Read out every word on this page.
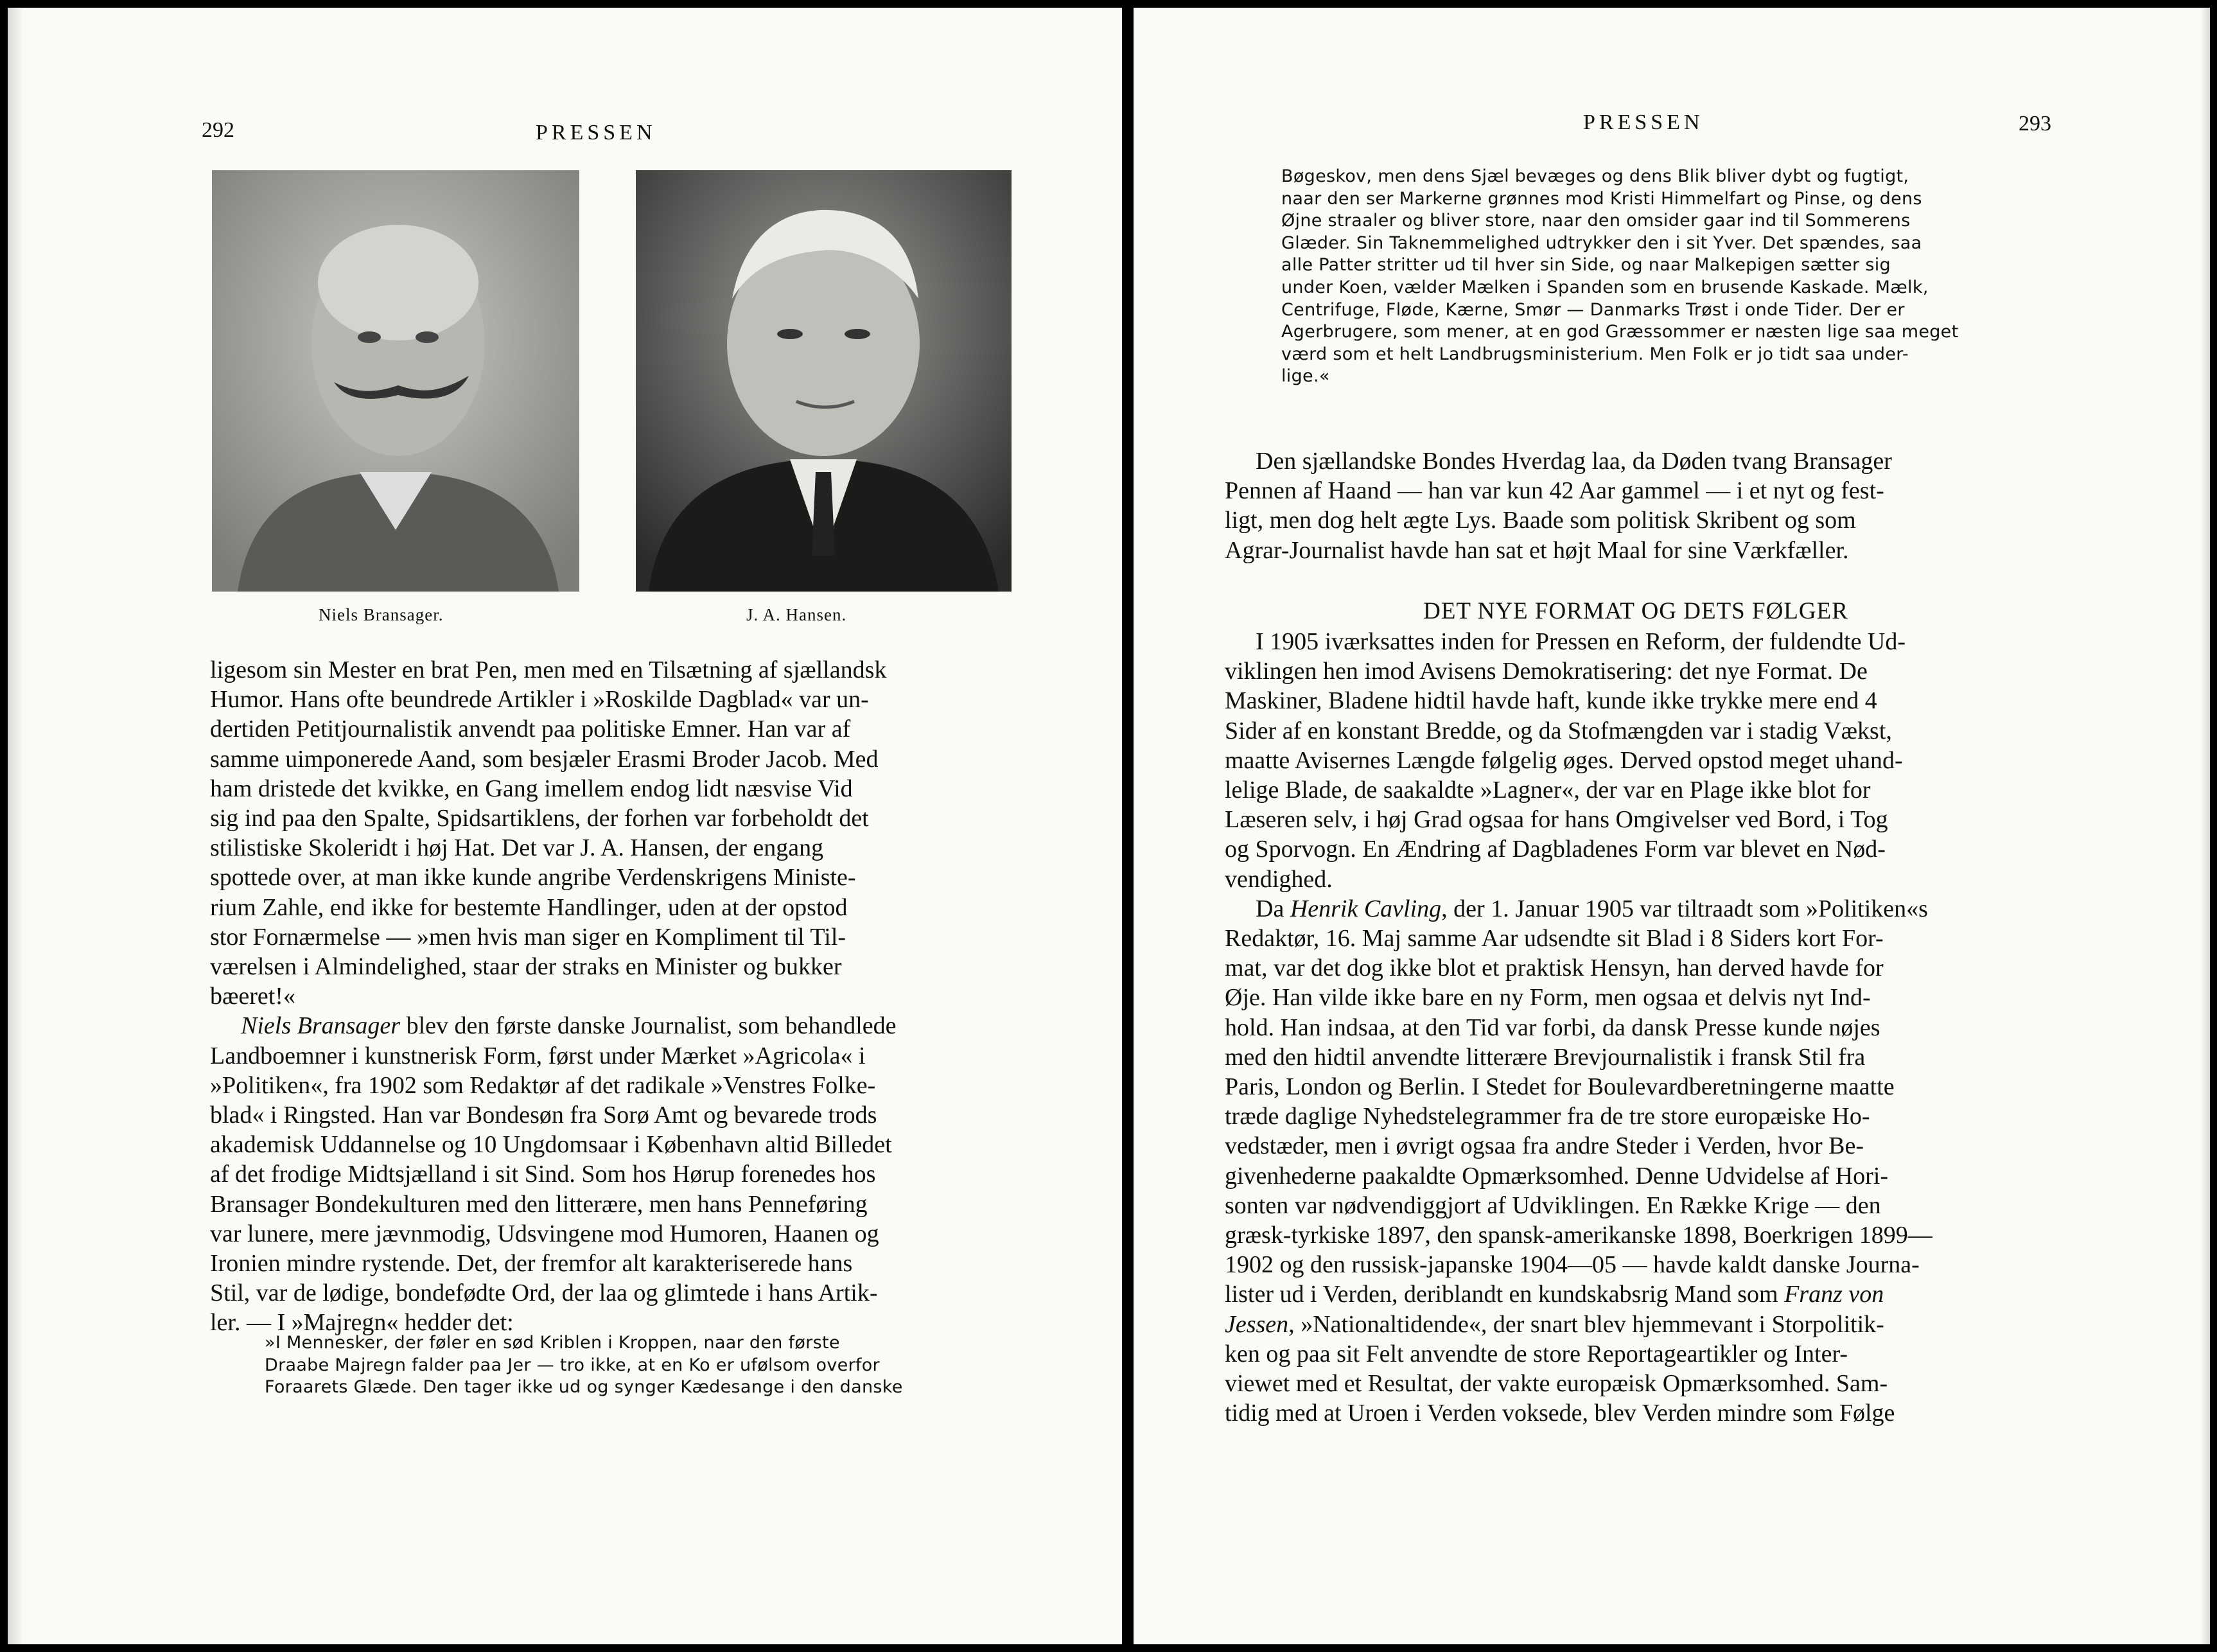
292	PRESSEN
Niels Bransager.	J. A. Hansen.

ligesom sin Mester en brat Pen, men med en Tilsætning af sjællandsk

Humor. Hans ofte beundrede Artikler i »Roskilde Dagblad« var un-

dertiden Petitjournalistik anvendt paa politiske Emner. Han var af

samme uimponerede Aand, som besjæler Erasmi Broder Jacob. Med

ham dristede det kvikke, en Gang imellem endog lidt næsvise Vid

sig ind paa den Spalte, Spidsartiklens, der forhen var forbeholdt det

stilistiske Skoleridt i høj Hat. Det var J. A. Hansen, der engang

spottede over, at man ikke kunde angribe Verdenskrigens Ministe-

rium Zahle, end ikke for bestemte Handlinger, uden at der opstod

stor Fornærmelse — »men hvis man siger en Kompliment til Til-

værelsen i Almindelighed, staar der straks en Minister og bukker

bæeret!«

Niels Bransager blev den første danske Journalist, som behandlede

Landboemner i kunstnerisk Form, først under Mærket »Agricola« i

»Politiken«, fra 1902 som Redaktør af det radikale »Venstres Folke-

blad« i Ringsted. Han var Bondesøn fra Sorø Amt og bevarede trods

akademisk Uddannelse og 10 Ungdomsaar i København altid Billedet

af det frodige Midtsjælland i sit Sind. Som hos Hørup forenedes hos

Bransager Bondekulturen med den litterære, men hans Penneføring

var lunere, mere jævnmodig, Udsvingene mod Humoren, Haanen og

Ironien mindre rystende. Det, der fremfor alt karakteriserede hans

Stil, var de lødige, bondefødte Ord, der laa og glimtede i hans Artik-

ler. — I »Majregn« hedder det:

»I Mennesker, der føler en sød Kriblen i Kroppen, naar den første
Draabe Majregn falder paa Jer — tro ikke, at en Ko er ufølsom overfor
Foraarets Glæde. Den tager ikke ud og synger Kædesange i den danske
PRESSEN	293
Bøgeskov, men dens Sjæl bevæges og dens Blik bliver dybt og fugtigt,
naar den ser Markerne grønnes mod Kristi Himmelfart og Pinse, og dens
Øjne straaler og bliver store, naar den omsider gaar ind til Sommerens
Glæder. Sin Taknemmelighed udtrykker den i sit Yver. Det spændes, saa
alle Patter stritter ud til hver sin Side, og naar Malkepigen sætter sig
under Koen, vælder Mælken i Spanden som en brusende Kaskade. Mælk,
Centrifuge, Fløde, Kærne, Smør — Danmarks Trøst i onde Tider. Der er
Agerbrugere, som mener, at en god Græssommer er næsten lige saa meget
værd som et helt Landbrugsministerium. Men Folk er jo tidt saa under-
lige.«

Den sjællandske Bondes Hverdag laa, da Døden tvang Bransager

Pennen af Haand — han var kun 42 Aar gammel — i et nyt og fest-

ligt, men dog helt ægte Lys. Baade som politisk Skribent og som

Agrar-Journalist havde han sat et højt Maal for sine Værkfæller.

DET NYE FORMAT OG DETS FØLGER

I 1905 iværksattes inden for Pressen en Reform, der fuldendte Ud-

viklingen hen imod Avisens Demokratisering: det nye Format. De

Maskiner, Bladene hidtil havde haft, kunde ikke trykke mere end 4

Sider af en konstant Bredde, og da Stofmængden var i stadig Vækst,

maatte Avisernes Længde følgelig øges. Derved opstod meget uhand-

lelige Blade, de saakaldte »Lagner«, der var en Plage ikke blot for

Læseren selv, i høj Grad ogsaa for hans Omgivelser ved Bord, i Tog

og Sporvogn. En Ændring af Dagbladenes Form var blevet en Nød-

vendighed.

Da Henrik Cavling, der 1. Januar 1905 var tiltraadt som »Politiken«s

Redaktør, 16. Maj samme Aar udsendte sit Blad i 8 Siders kort For-

mat, var det dog ikke blot et praktisk Hensyn, han derved havde for

Øje. Han vilde ikke bare en ny Form, men ogsaa et delvis nyt Ind-

hold. Han indsaa, at den Tid var forbi, da dansk Presse kunde nøjes

med den hidtil anvendte litterære Brevjournalistik i fransk Stil fra

Paris, London og Berlin. I Stedet for Boulevardberetningerne maatte

træde daglige Nyhedstelegrammer fra de tre store europæiske Ho-

vedstæder, men i øvrigt ogsaa fra andre Steder i Verden, hvor Be-

givenhederne paakaldte Opmærksomhed. Denne Udvidelse af Hori-

sonten var nødvendiggjort af Udviklingen. En Række Krige — den

græsk-tyrkiske 1897, den spansk-amerikanske 1898, Boerkrigen 1899—

1902 og den russisk-japanske 1904—05 — havde kaldt danske Journa-

lister ud i Verden, deriblandt en kundskabsrig Mand som Franz von

Jessen, »Nationaltidende«, der snart blev hjemmevant i Storpolitik-

ken og paa sit Felt anvendte de store Reportageartikler og Inter-

viewet med et Resultat, der vakte europæisk Opmærksomhed. Sam-

tidig med at Uroen i Verden voksede, blev Verden mindre som Følge
